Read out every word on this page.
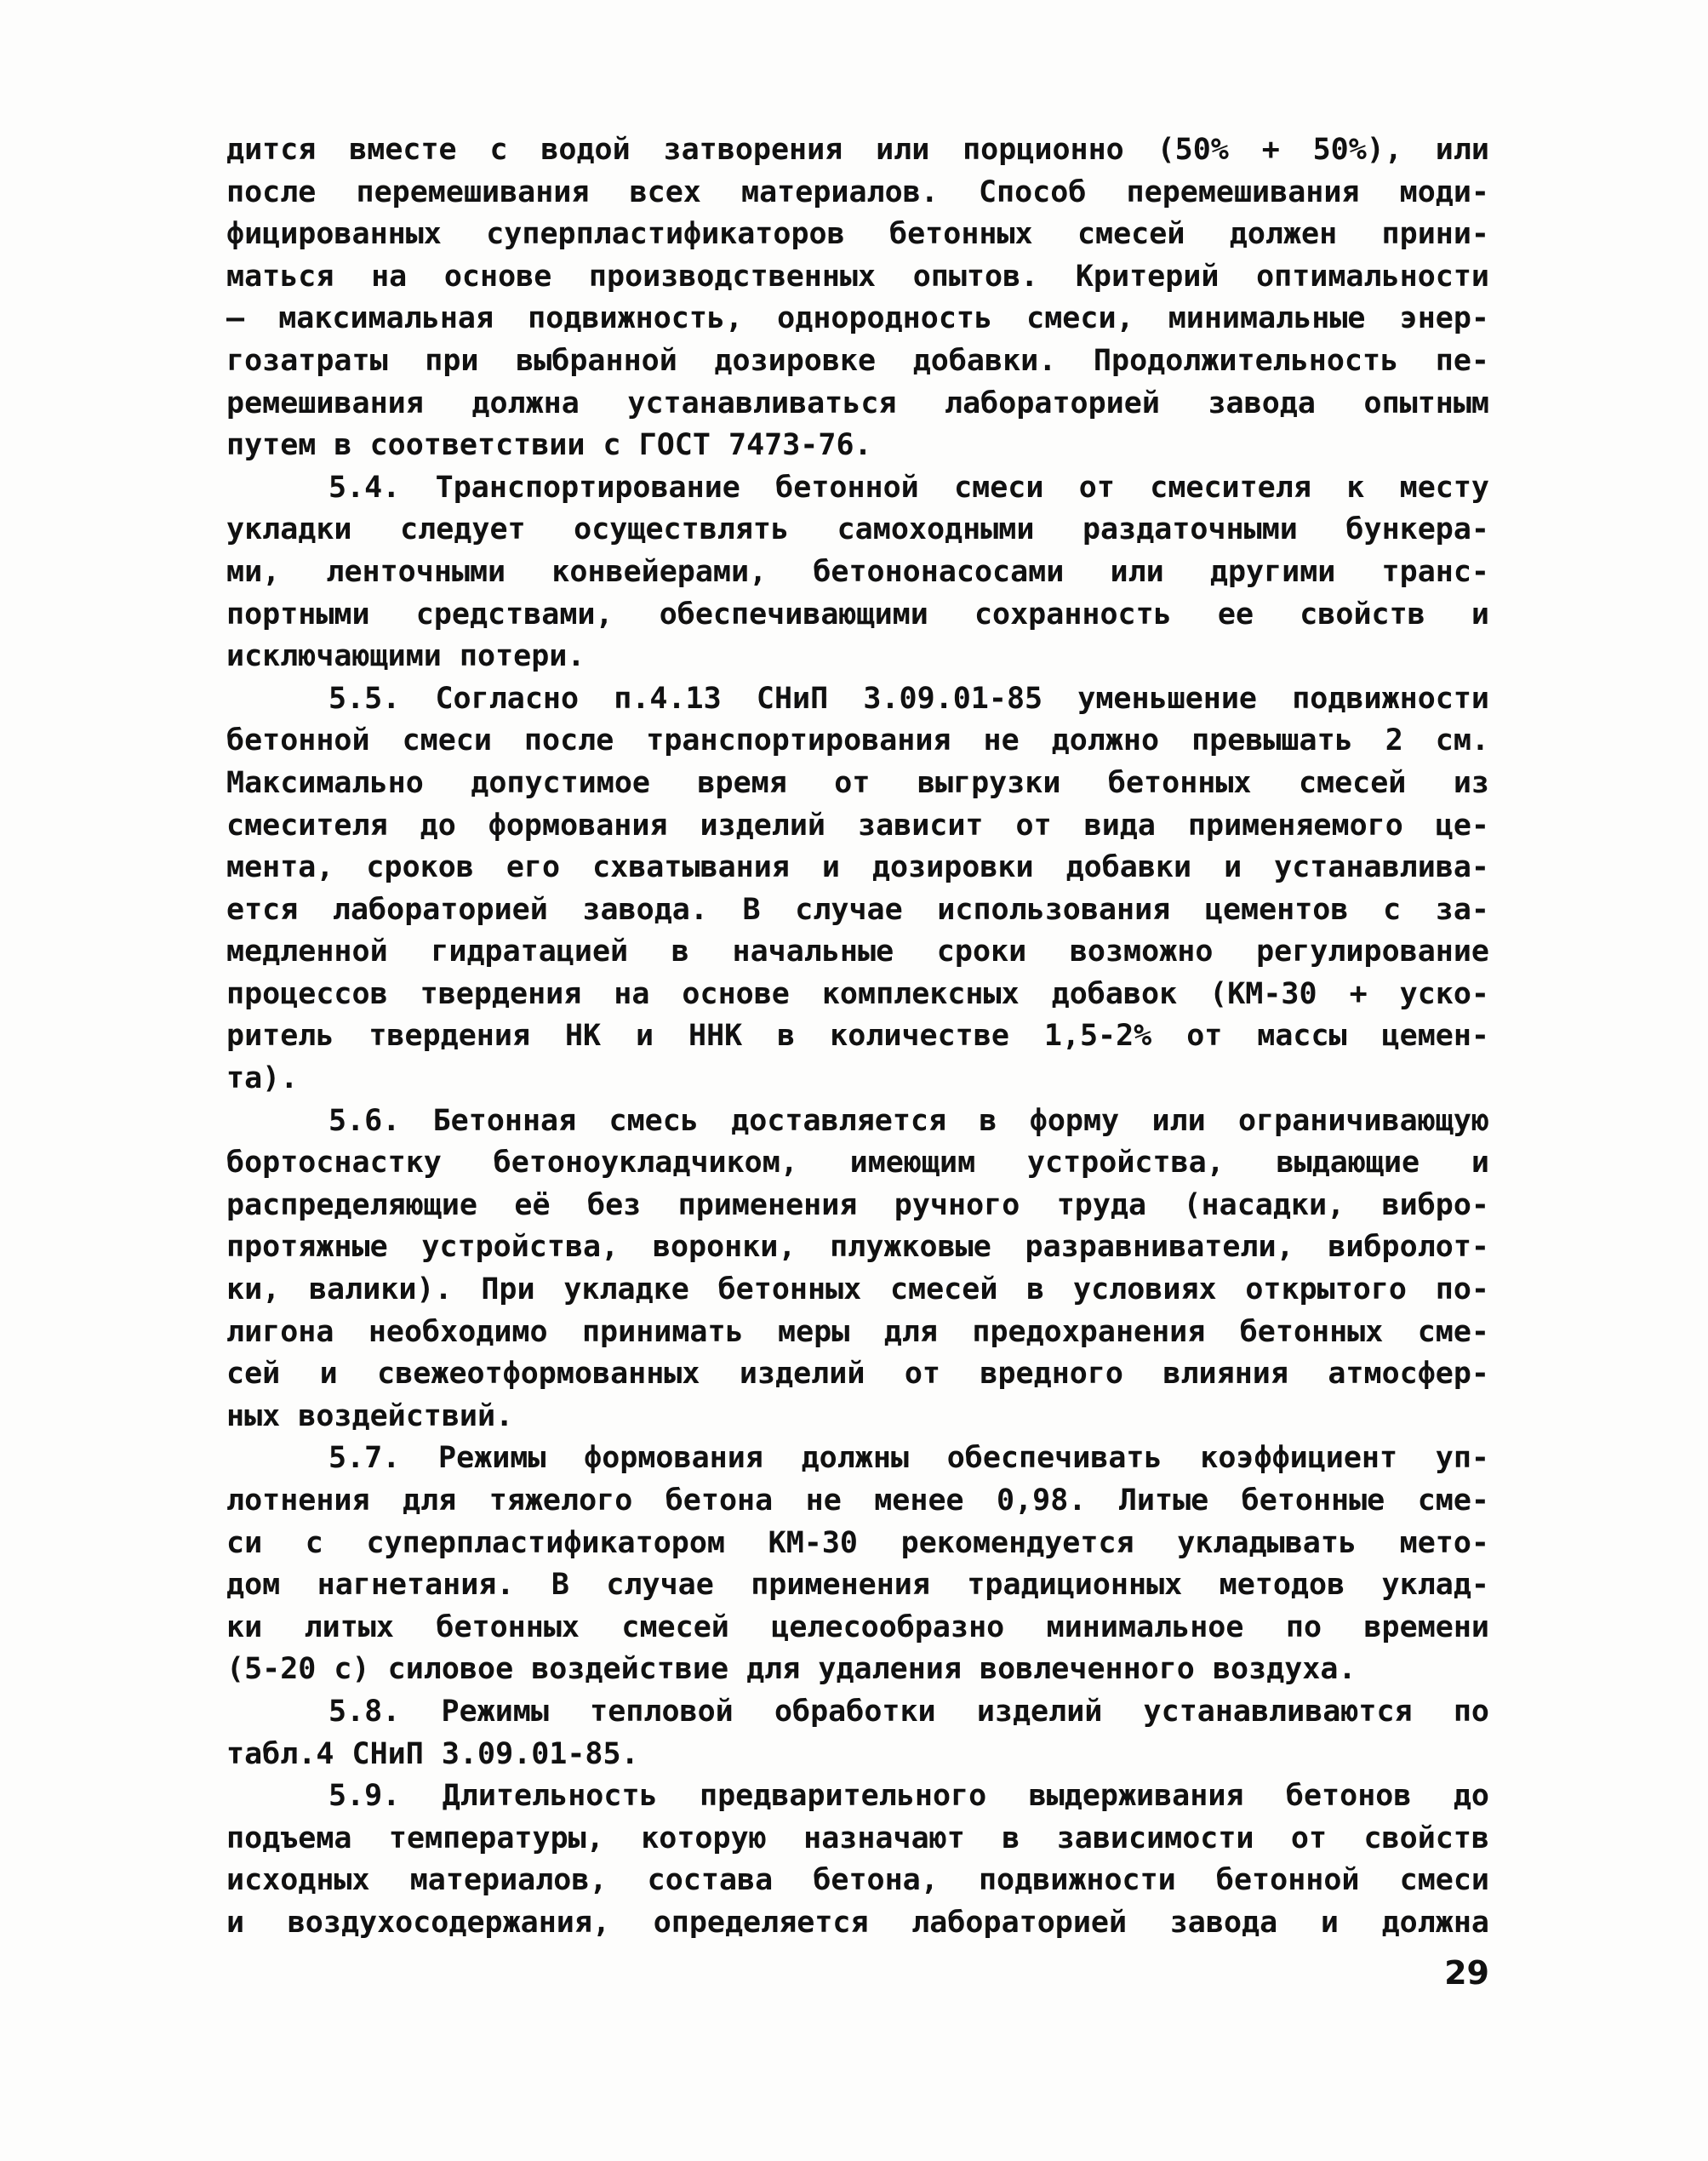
дится вместе с водой затворения или порционно (50% + 50%), или
после перемешивания всех материалов. Способ перемешивания моди-
фицированных суперпластификаторов бетонных смесей должен прини-
маться на основе производственных опытов. Критерий оптимальности
– максимальная подвижность, однородность смеси, минимальные энер-
гозатраты при выбранной дозировке добавки. Продолжительность пе-
ремешивания должна устанавливаться лабораторией завода опытным
путем в соответствии с ГОСТ 7473-76.
5.4. Транспортирование бетонной смеси от смесителя к месту
укладки следует осуществлять самоходными раздаточными бункера-
ми, ленточными конвейерами, бетононасосами или другими транс-
портными средствами, обеспечивающими сохранность ее свойств и
исключающими потери.
5.5. Согласно п.4.13 СНиП 3.09.01-85 уменьшение подвижности
бетонной смеси после транспортирования не должно превышать 2 см.
Максимально допустимое время от выгрузки бетонных смесей из
смесителя до формования изделий зависит от вида применяемого це-
мента, сроков его схватывания и дозировки добавки и устанавлива-
ется лабораторией завода. В случае использования цементов с за-
медленной гидратацией в начальные сроки возможно регулирование
процессов твердения на основе комплексных добавок (КМ-30 + уско-
ритель твердения НК и ННК в количестве 1,5-2% от массы цемен-
та).
5.6. Бетонная смесь доставляется в форму или ограничивающую
бортоснастку бетоноукладчиком, имеющим устройства, выдающие и
распределяющие её без применения ручного труда (насадки, вибро-
протяжные устройства, воронки, плужковые разравниватели, вибролот-
ки, валики). При укладке бетонных смесей в условиях открытого по-
лигона необходимо принимать меры для предохранения бетонных сме-
сей и свежеотформованных изделий от вредного влияния атмосфер-
ных воздействий.
5.7. Режимы формования должны обеспечивать коэффициент уп-
лотнения для тяжелого бетона не менее 0,98. Литые бетонные сме-
си с суперпластификатором КМ-30 рекомендуется укладывать мето-
дом нагнетания. В случае применения традиционных методов уклад-
ки литых бетонных смесей целесообразно минимальное по времени
(5-20 с) силовое воздействие для удаления вовлеченного воздуха.
5.8. Режимы тепловой обработки изделий устанавливаются по
табл.4 СНиП 3.09.01-85.
5.9. Длительность предварительного выдерживания бетонов до
подъема температуры, которую назначают в зависимости от свойств
исходных материалов, состава бетона, подвижности бетонной смеси
и воздухосодержания, определяется лабораторией завода и должна
29
